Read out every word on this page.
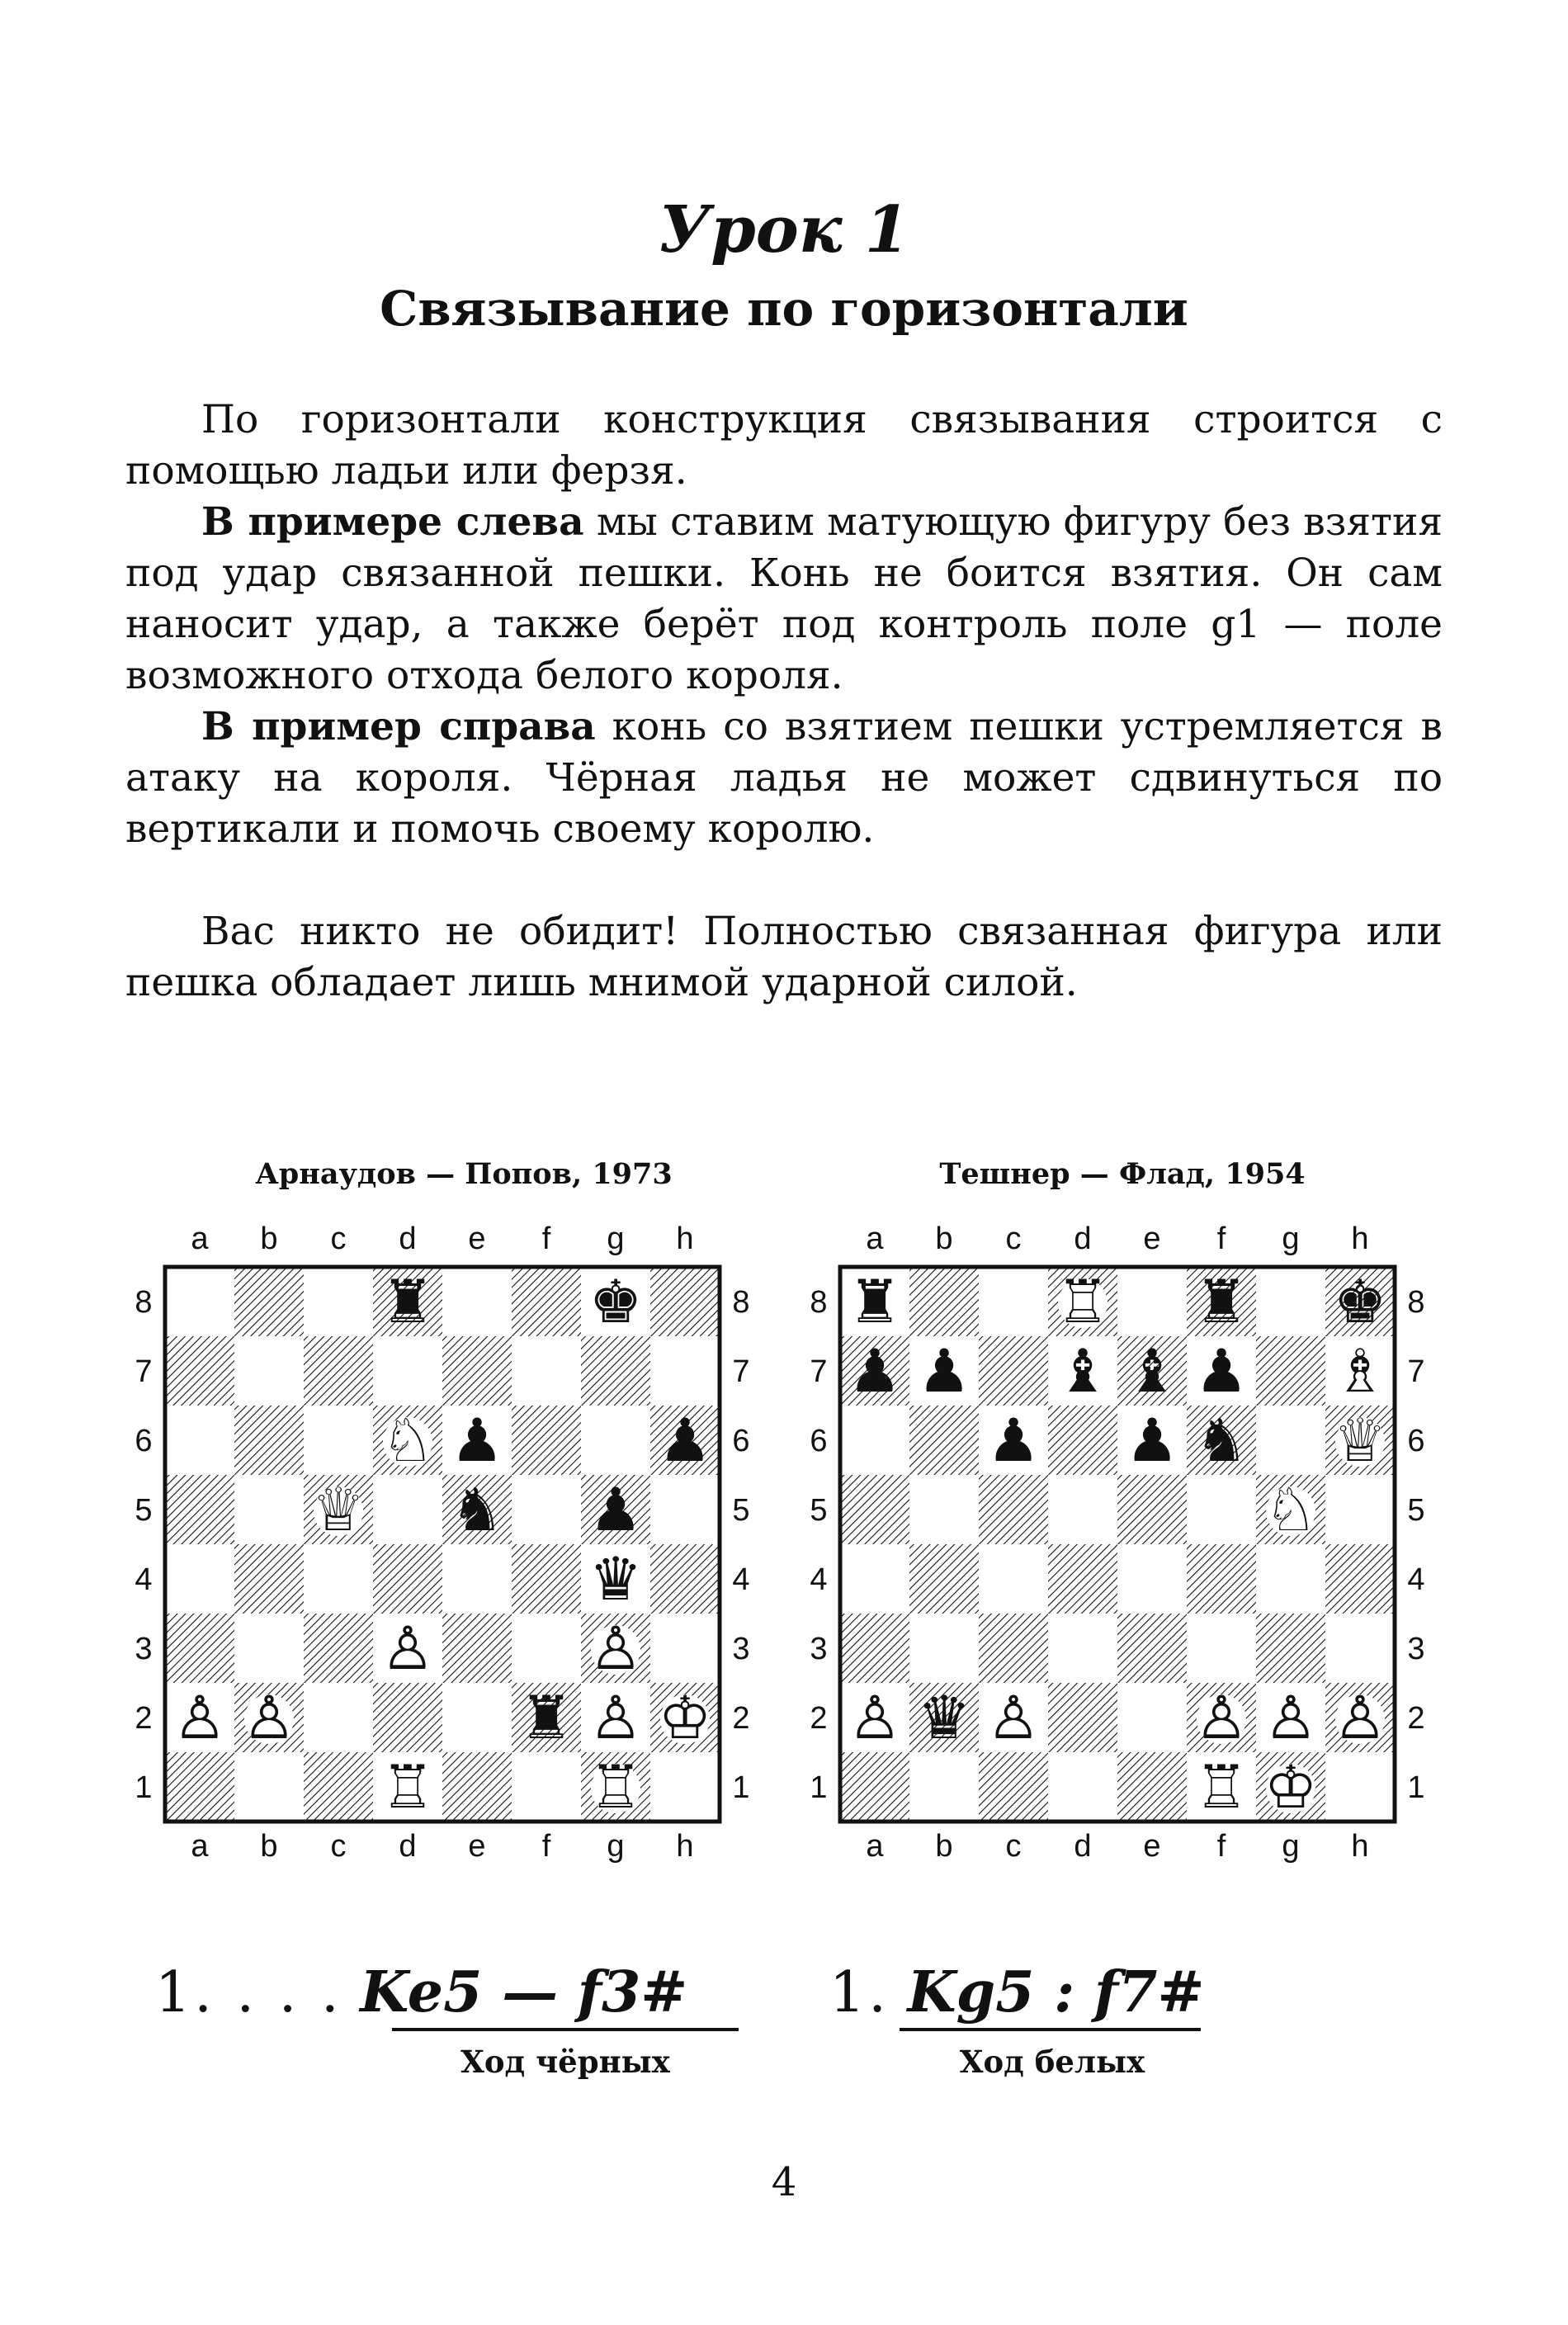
Урок 1
Связывание по горизонтали

По горизонтали конструкция связывания строится с помощью ладьи или ферзя.

В примере слева мы ставим матующую фигуру без взятия под удар связанной пешки. Конь не боится взятия. Он сам наносит удар, а также берёт под контроль поле g1 — поле возможного отхода белого короля.

В пример справа конь со взятием пешки устремляется в атаку на короля. Чёрная ладья не может сдвинуться по вертикали и помочь своему королю.

Вас никто не обидит! Полностью связанная фигура или пешка обладает лишь мнимой ударной силой.

Арнаудов — Попов, 1973	Тешнер — Флад, 1954
a
a
b
b
c
c
d
d
e
e
f
f
g
g
h
h
8	8
7	7
6	6
5	5
4	4
3	3
2	2
1	1
♜	♚
♘ ♟	♟
♕ ♞ ♟
♛
♙	♙
♙ ♙	♜ ♙ ♔
♖	♖
a
a
b
b
c
c
d
d
e
e
f
f
g
g
h
h
8	8
7	7
6	6
5	5
4	4
3	3
2	2
1	1
♜	♖ ♜ ♚
♟ ♟ ♝ ♝ ♟ ♗
♟ ♟ ♞ ♕
♘
♙ ♛ ♙	♙ ♙ ♙
♖ ♔
1. . . . Ke5 — f3#
Ход чёрных
1. Kg5 : f7#
Ход белых
4
